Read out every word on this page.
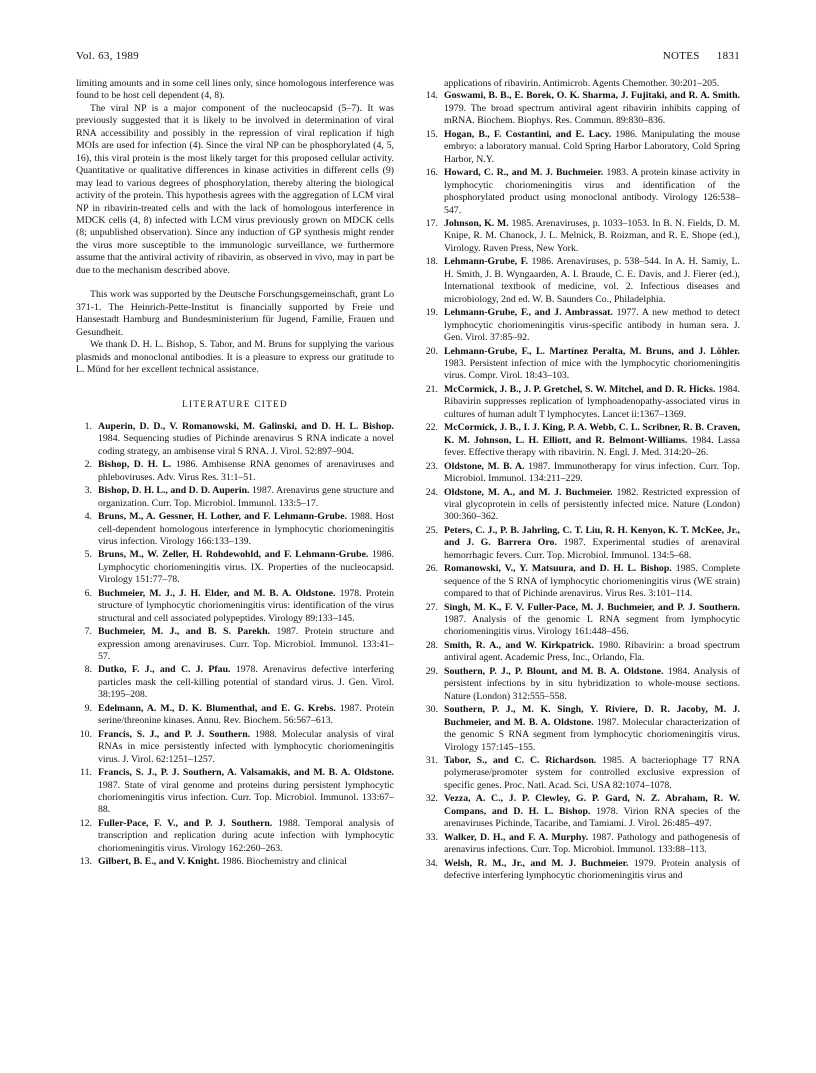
Vol. 63, 1989	NOTES 1831

limiting amounts and in some cell lines only, since homologous interference was found to be host cell dependent (4, 8).

The viral NP is a major component of the nucleocapsid (5–7). It was previously suggested that it is likely to be involved in determination of viral RNA accessibility and possibly in the repression of viral replication if high MOIs are used for infection (4). Since the viral NP can be phosphorylated (4, 5, 16), this viral protein is the most likely target for this proposed cellular activity. Quantitative or qualitative differences in kinase activities in different cells (9) may lead to various degrees of phosphorylation, thereby altering the biological activity of the protein. This hypothesis agrees with the aggregation of LCM viral NP in ribavirin-treated cells and with the lack of homologous interference in MDCK cells (4, 8) infected with LCM virus previously grown on MDCK cells (8; unpublished observation). Since any induction of GP synthesis might render the virus more susceptible to the immunologic surveillance, we furthermore assume that the antiviral activity of ribavirin, as observed in vivo, may in part be due to the mechanism described above.

This work was supported by the Deutsche Forschungsgemeinschaft, grant Lo 371-1. The Heinrich-Pette-Institut is financially supported by Freie und Hansestadt Hamburg and Bundesministerium für Jugend, Familie, Frauen und Gesundheit.

We thank D. H. L. Bishop, S. Tabor, and M. Bruns for supplying the various plasmids and monoclonal antibodies. It is a pleasure to express our gratitude to L. Münd for her excellent technical assistance.

LITERATURE CITED
1. Auperin, D. D., V. Romanowski, M. Galinski, and D. H. L. Bishop. 1984. Sequencing studies of Pichinde arenavirus S RNA indicate a novel coding strategy, an ambisense viral S RNA. J. Virol. 52:897–904.
2. Bishop, D. H. L. 1986. Ambisense RNA genomes of arenaviruses and phleboviruses. Adv. Virus Res. 31:1–51.
3. Bishop, D. H. L., and D. D. Auperin. 1987. Arenavirus gene structure and organization. Curr. Top. Microbiol. Immunol. 133:5–17.
4. Bruns, M., A. Gessner, H. Lother, and F. Lehmann-Grube. 1988. Host cell-dependent homologous interference in lymphocytic choriomeningitis virus infection. Virology 166:133–139.
5. Bruns, M., W. Zeller, H. Rohdewohld, and F. Lehmann-Grube. 1986. Lymphocytic choriomeningitis virus. IX. Properties of the nucleocapsid. Virology 151:77–78.
6. Buchmeier, M. J., J. H. Elder, and M. B. A. Oldstone. 1978. Protein structure of lymphocytic choriomeningitis virus: identification of the virus structural and cell associated polypeptides. Virology 89:133–145.
7. Buchmeier, M. J., and B. S. Parekh. 1987. Protein structure and expression among arenaviruses. Curr. Top. Microbiol. Immunol. 133:41–57.
8. Dutko, F. J., and C. J. Pfau. 1978. Arenavirus defective interfering particles mask the cell-killing potential of standard virus. J. Gen. Virol. 38:195–208.
9. Edelmann, A. M., D. K. Blumenthal, and E. G. Krebs. 1987. Protein serine/threonine kinases. Annu. Rev. Biochem. 56:567–613.
10. Francis, S. J., and P. J. Southern. 1988. Molecular analysis of viral RNAs in mice persistently infected with lymphocytic choriomeningitis virus. J. Virol. 62:1251–1257.
11. Francis, S. J., P. J. Southern, A. Valsamakis, and M. B. A. Oldstone. 1987. State of viral genome and proteins during persistent lymphocytic choriomeningitis virus infection. Curr. Top. Microbiol. Immunol. 133:67–88.
12. Fuller-Pace, F. V., and P. J. Southern. 1988. Temporal analysis of transcription and replication during acute infection with lymphocytic choriomeningitis virus. Virology 162:260–263.
13. Gilbert, B. E., and V. Knight. 1986. Biochemistry and clinical
applications of ribavirin. Antimicrob. Agents Chemother. 30:201–205.
14. Goswami, B. B., E. Borek, O. K. Sharma, J. Fujitaki, and R. A. Smith. 1979. The broad spectrum antiviral agent ribavirin inhibits capping of mRNA. Biochem. Biophys. Res. Commun. 89:830–836.
15. Hogan, B., F. Costantini, and E. Lacy. 1986. Manipulating the mouse embryo: a laboratory manual. Cold Spring Harbor Laboratory, Cold Spring Harbor, N.Y.
16. Howard, C. R., and M. J. Buchmeier. 1983. A protein kinase activity in lymphocytic choriomeningitis virus and identification of the phosphorylated product using monoclonal antibody. Virology 126:538–547.
17. Johnson, K. M. 1985. Arenaviruses, p. 1033–1053. In B. N. Fields, D. M. Knipe, R. M. Chanock, J. L. Melnick, B. Roizman, and R. E. Shope (ed.), Virology. Raven Press, New York.
18. Lehmann-Grube, F. 1986. Arenaviruses, p. 538–544. In A. H. Samiy, L. H. Smith, J. B. Wyngaarden, A. I. Braude, C. E. Davis, and J. Fierer (ed.), International textbook of medicine, vol. 2. Infectious diseases and microbiology, 2nd ed. W. B. Saunders Co., Philadelphia.
19. Lehmann-Grube, F., and J. Ambrassat. 1977. A new method to detect lymphocytic choriomeningitis virus-specific antibody in human sera. J. Gen. Virol. 37:85–92.
20. Lehmann-Grube, F., L. Martínez Peralta, M. Bruns, and J. Löhler. 1983. Persistent infection of mice with the lymphocytic choriomeningitis virus. Compr. Virol. 18:43–103.
21. McCormick, J. B., J. P. Gretchel, S. W. Mitchel, and D. R. Hicks. 1984. Ribavirin suppresses replication of lymphoadenopathy-associated virus in cultures of human adult T lymphocytes. Lancet ii:1367–1369.
22. McCormick, J. B., I. J. King, P. A. Webb, C. L. Scribner, R. B. Craven, K. M. Johnson, L. H. Elliott, and R. Belmont-Williams. 1984. Lassa fever. Effective therapy with ribavirin. N. Engl. J. Med. 314:20–26.
23. Oldstone, M. B. A. 1987. Immunotherapy for virus infection. Curr. Top. Microbiol. Immunol. 134:211–229.
24. Oldstone, M. A., and M. J. Buchmeier. 1982. Restricted expression of viral glycoprotein in cells of persistently infected mice. Nature (London) 300:360–362.
25. Peters, C. J., P. B. Jahrling, C. T. Liu, R. H. Kenyon, K. T. McKee, Jr., and J. G. Barrera Oro. 1987. Experimental studies of arenaviral hemorrhagic fevers. Curr. Top. Microbiol. Immunol. 134:5–68.
26. Romanowski, V., Y. Matsuura, and D. H. L. Bishop. 1985. Complete sequence of the S RNA of lymphocytic choriomeningitis virus (WE strain) compared to that of Pichinde arenavirus. Virus Res. 3:101–114.
27. Singh, M. K., F. V. Fuller-Pace, M. J. Buchmeier, and P. J. Southern. 1987. Analysis of the genomic L RNA segment from lymphocytic choriomeningitis virus. Virology 161:448–456.
28. Smith, R. A., and W. Kirkpatrick. 1980. Ribavirin: a broad spectrum antiviral agent. Academic Press, Inc., Orlando, Fla.
29. Southern, P. J., P. Blount, and M. B. A. Oldstone. 1984. Analysis of persistent infections by in situ hybridization to whole-mouse sections. Nature (London) 312:555–558.
30. Southern, P. J., M. K. Singh, Y. Riviere, D. R. Jacoby, M. J. Buchmeier, and M. B. A. Oldstone. 1987. Molecular characterization of the genomic S RNA segment from lymphocytic choriomeningitis virus. Virology 157:145–155.
31. Tabor, S., and C. C. Richardson. 1985. A bacteriophage T7 RNA polymerase/promoter system for controlled exclusive expression of specific genes. Proc. Natl. Acad. Sci. USA 82:1074–1078.
32. Vezza, A. C., J. P. Clewley, G. P. Gard, N. Z. Abraham, R. W. Compans, and D. H. L. Bishop. 1978. Virion RNA species of the arenaviruses Pichinde, Tacaribe, and Tamiami. J. Virol. 26:485–497.
33. Walker, D. H., and F. A. Murphy. 1987. Pathology and pathogenesis of arenavirus infections. Curr. Top. Microbiol. Immunol. 133:88–113.
34. Welsh, R. M., Jr., and M. J. Buchmeier. 1979. Protein analysis of defective interfering lymphocytic choriomeningitis virus and
